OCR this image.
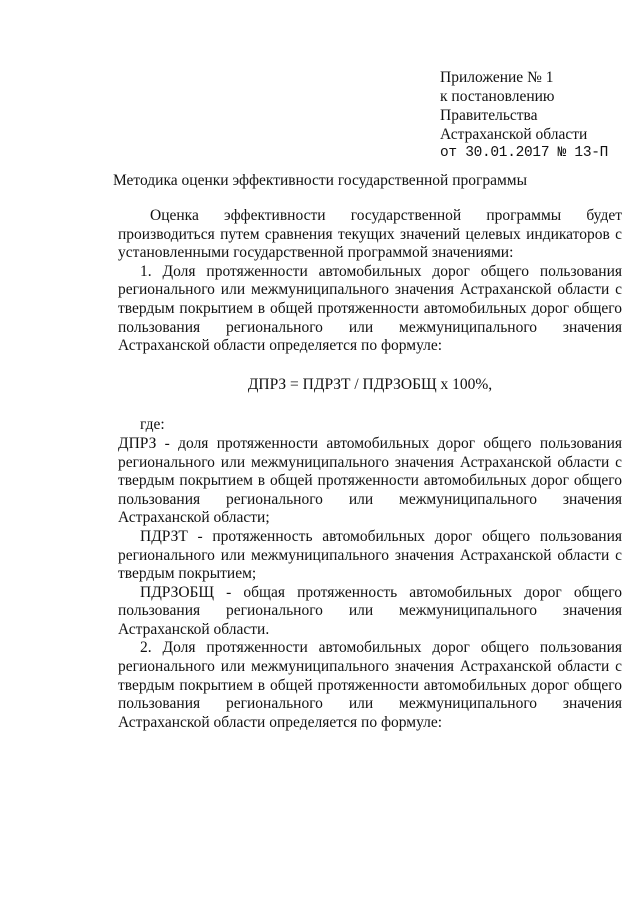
Приложение № 1
к постановлению
Правительства
Астраханской области
от 30.01.2017 № 13-П
Методика оценки эффективности государственной программы

Оценка эффективности государственной программы будет производиться путем сравнения текущих значений целевых индикаторов с установленными государственной программой значениями:

1. Доля протяженности автомобильных дорог общего пользования регионального или межмуниципального значения Астраханской области с твердым покрытием в общей протяженности автомобильных дорог общего пользования регионального или межмуниципального значения Астраханской области определяется по формуле:

ДПРЗ = ПДРЗТ / ПДРЗОБЩ х 100%,

где:

ДПРЗ - доля протяженности автомобильных дорог общего пользования регионального или межмуниципального значения Астраханской области с твердым покрытием в общей протяженности автомобильных дорог общего пользования регионального или межмуниципального значения Астраханской области;

ПДРЗТ - протяженность автомобильных дорог общего пользования регионального или межмуниципального значения Астраханской области с твердым покрытием;

ПДРЗОБЩ - общая протяженность автомобильных дорог общего пользования регионального или межмуниципального значения Астраханской области.

2. Доля протяженности автомобильных дорог общего пользования регионального или межмуниципального значения Астраханской области с твердым покрытием в общей протяженности автомобильных дорог общего пользования регионального или межмуниципального значения Астраханской области определяется по формуле:
